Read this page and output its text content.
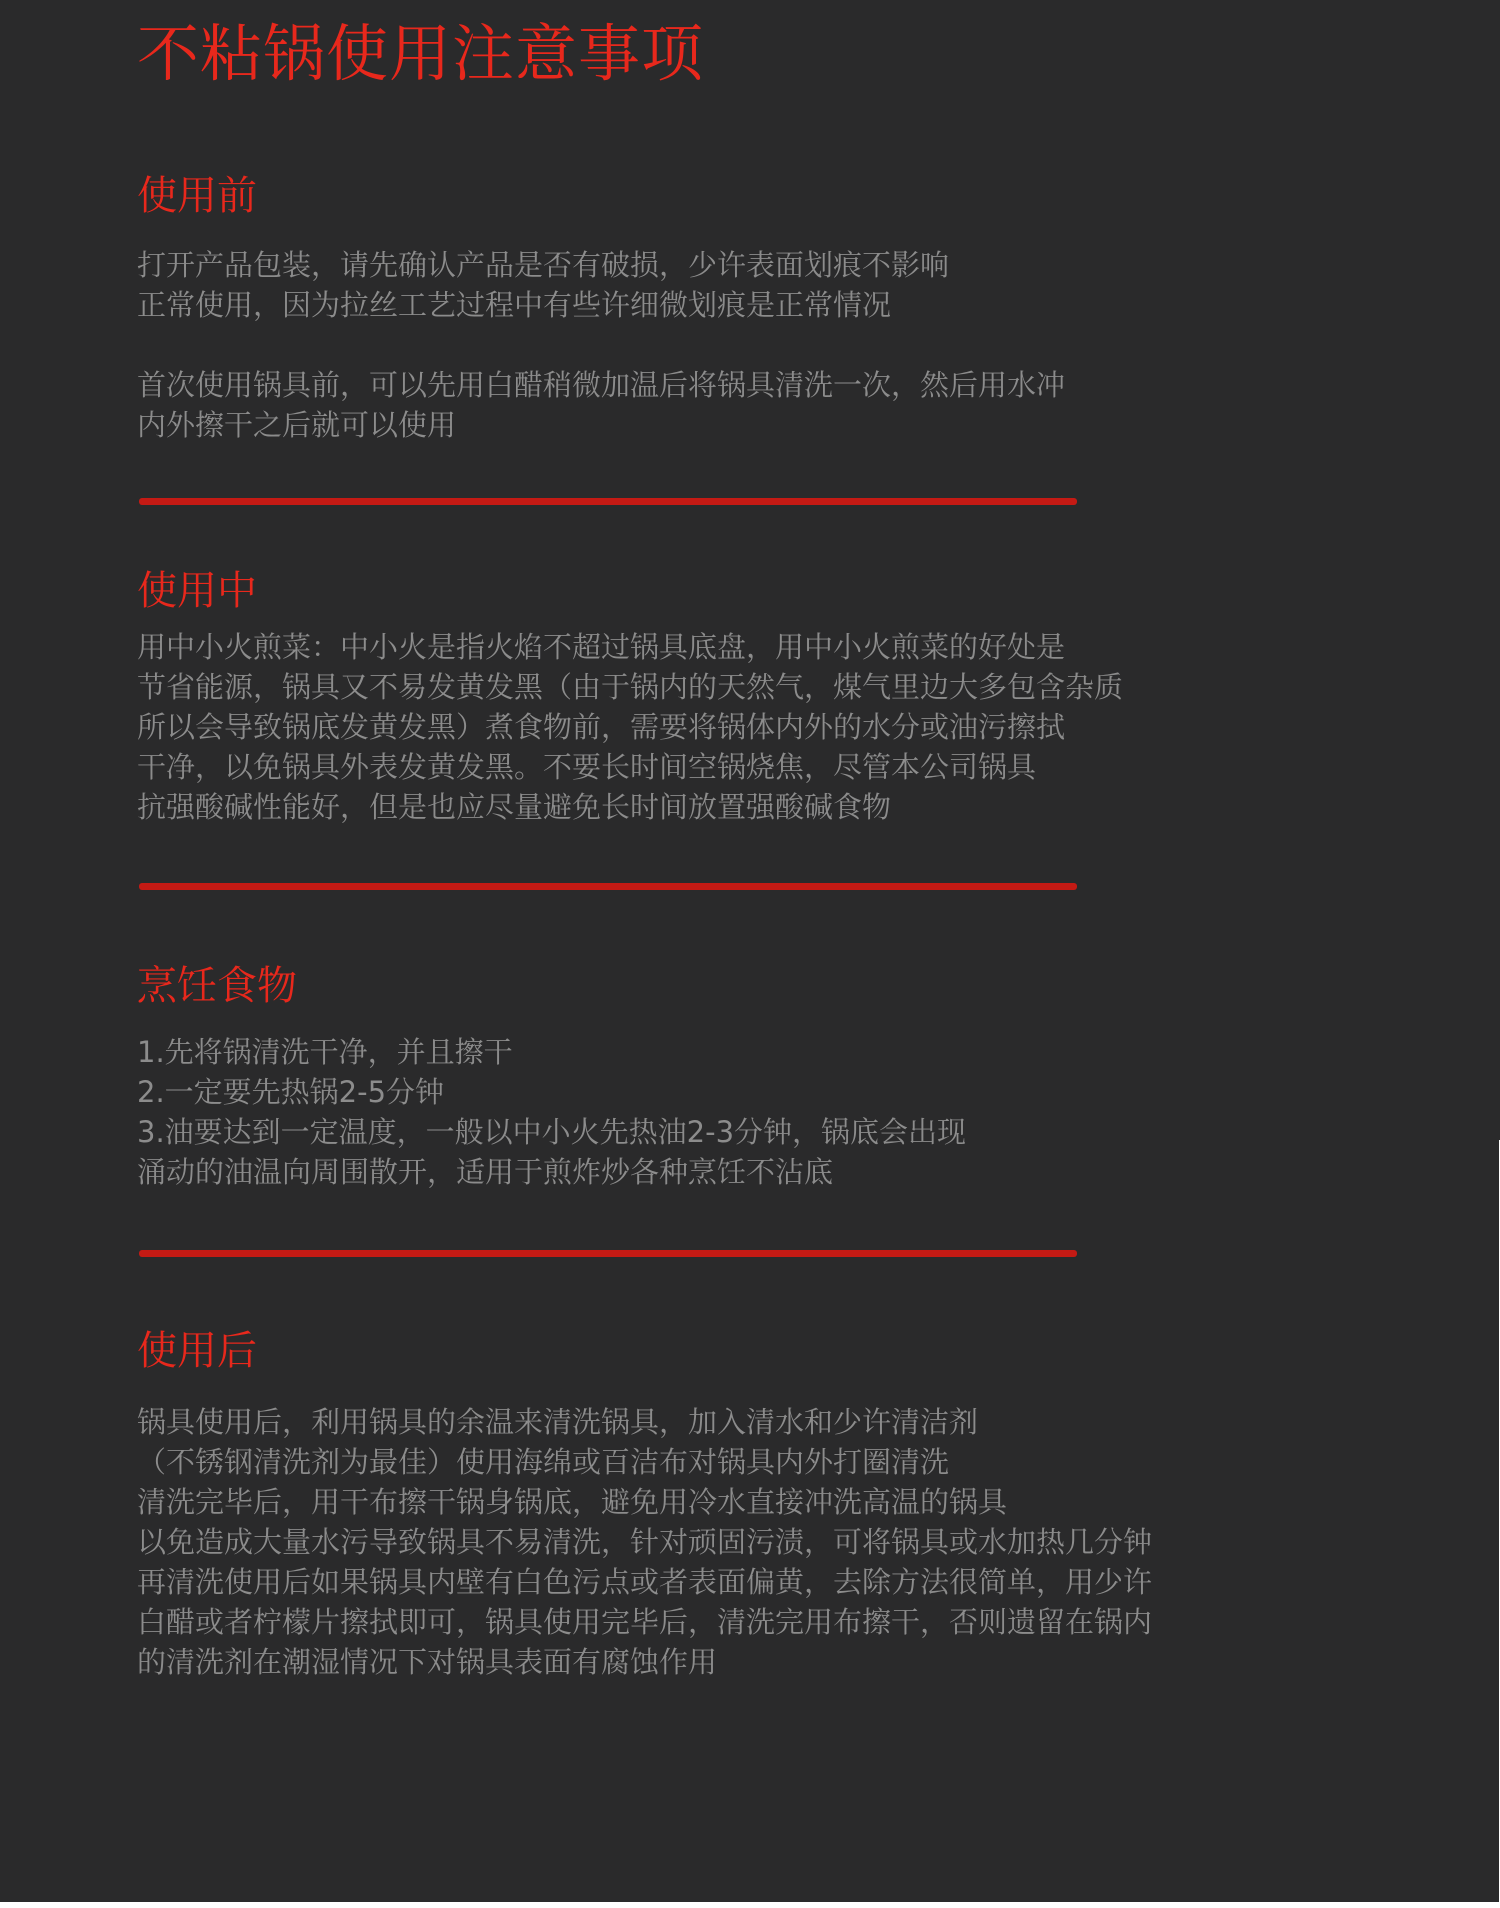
不粘锅使用注意事项
使用前
打开产品包装，请先确认产品是否有破损，少许表面划痕不影响
正常使用，因为拉丝工艺过程中有些许细微划痕是正常情况
首次使用锅具前，可以先用白醋稍微加温后将锅具清洗一次，然后用水冲
内外擦干之后就可以使用
使用中
用中小火煎菜：中小火是指火焰不超过锅具底盘，用中小火煎菜的好处是
节省能源，锅具又不易发黄发黑（由于锅内的天然气，煤气里边大多包含杂质
所以会导致锅底发黄发黑）煮食物前，需要将锅体内外的水分或油污擦拭
干净，以免锅具外表发黄发黑。不要长时间空锅烧焦，尽管本公司锅具
抗强酸碱性能好，但是也应尽量避免长时间放置强酸碱食物
烹饪食物
1.先将锅清洗干净，并且擦干
2.一定要先热锅2-5分钟
3.油要达到一定温度，一般以中小火先热油2-3分钟，锅底会出现
涌动的油温向周围散开，适用于煎炸炒各种烹饪不沾底
使用后
锅具使用后，利用锅具的余温来清洗锅具，加入清水和少许清洁剂
（不锈钢清洗剂为最佳）使用海绵或百洁布对锅具内外打圈清洗
清洗完毕后，用干布擦干锅身锅底，避免用冷水直接冲洗高温的锅具
以免造成大量水污导致锅具不易清洗，针对顽固污渍，可将锅具或水加热几分钟
再清洗使用后如果锅具内壁有白色污点或者表面偏黄，去除方法很简单，用少许
白醋或者柠檬片擦拭即可，锅具使用完毕后，清洗完用布擦干，否则遗留在锅内
的清洗剂在潮湿情况下对锅具表面有腐蚀作用
